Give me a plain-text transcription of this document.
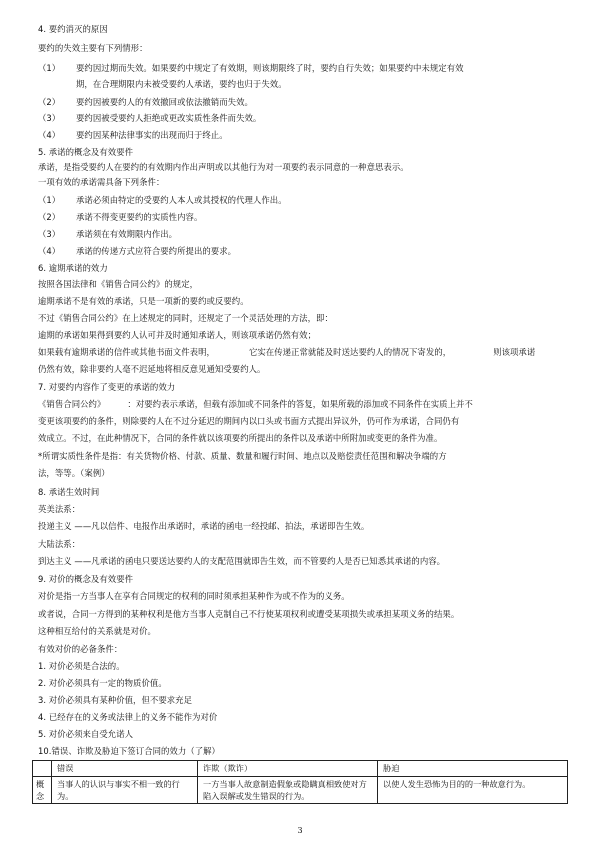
4. 要约消灭的原因
要约的失效主要有下列情形：
（1） 要约因过期而失效。如果要约中规定了有效期，则该期限终了时，要约自行失效；如果要约中未规定有效
期，在合理期限内未被受要约人承诺，要约也归于失效。
（2） 要约因被要约人的有效撤回或依法撤销而失效。
（3） 要约因被受要约人拒绝或更改实质性条件而失效。
（4） 要约因某种法律事实的出现而归于终止。
5. 承诺的概念及有效要件
承诺，是指受要约人在要约的有效期内作出声明或以其他行为对一项要约表示同意的一种意思表示。
一项有效的承诺需具备下列条件：
（1） 承诺必须由特定的受要约人本人或其授权的代理人作出。
（2） 承诺不得变更要约的实质性内容。
（3） 承诺须在有效期限内作出。
（4） 承诺的传递方式应符合要约所提出的要求。
6. 逾期承诺的效力
按照各国法律和《销售合同公约》的规定，
逾期承诺不是有效的承诺，只是一项新的要约或反要约。
不过《销售合同公约》在上述规定的同时，还规定了一个灵活处理的方法，即：
逾期的承诺如果得到要约人认可并及时通知承诺人，则该项承诺仍然有效；
如果载有逾期承诺的信件或其他书面文件表明，	它实在传递正常就能及时送达要约人的情况下寄发的，	则该项承诺
仍然有效，除非要约人毫不迟延地将相反意见通知受要约人。
7. 对要约内容作了变更的承诺的效力
《销售合同公约》	：对要约表示承诺，但载有添加或不同条件的答复，如果所载的添加或不同条件在实质上并不
变更该项要约的条件，则除要约人在不过分延迟的期间内以口头或书面方式提出异议外，仍可作为承诺，合同仍有
效成立。不过，在此种情况下，合同的条件就以该项要约所提出的条件以及承诺中所附加或变更的条件为准。
*所谓实质性条件是指：有关货物价格、付款、质量、数量和履行时间、地点以及赔偿责任范围和解决争端的方
法，等等。（案例）
8. 承诺生效时间
英美法系：
投递主义 ——凡以信件、电报作出承诺时，承诺的函电一经投邮、拍法，承诺即告生效。
大陆法系：
到达主义 ——凡承诺的函电只要送达要约人的支配范围就即告生效，而不管要约人是否已知悉其承诺的内容。
9. 对价的概念及有效要件
对价是指一方当事人在享有合同规定的权利的同时须承担某种作为或不作为的义务。
或者说，合同一方得到的某种权利是他方当事人克制自己不行使某项权利或遭受某项损失或承担某项义务的结果。
这种相互给付的关系就是对价。
有效对价的必备条件：
1. 对价必须是合法的。
2. 对价必须具有一定的物质价值。
3. 对价必须具有某种价值，但不要求充足
4. 已经存在的义务或法律上的义务不能作为对价
5. 对价必须来自受允诺人
10.错误、诈欺及胁迫下签订合同的效力（了解）
	错误	诈欺（欺诈）	胁迫
概念	当事人的认识与事实不相一致的行为。	一方当事人故意制造假象或隐瞒真相致使对方陷入误解或发生错误的行为。	以使人发生恐怖为目的的一种故意行为。
3
